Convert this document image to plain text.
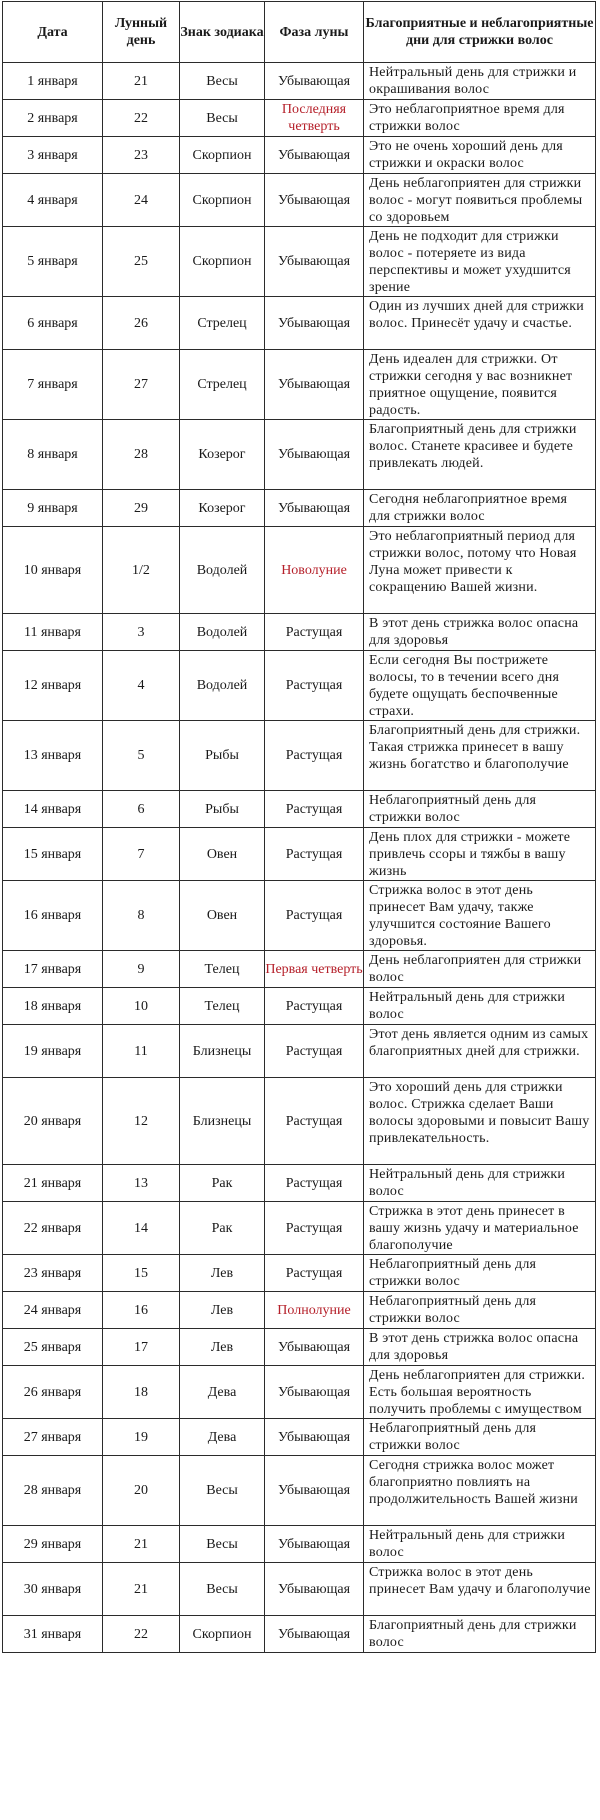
Дата	Лунный день	Знак зодиака	Фаза луны	Благоприятные и неблагоприятные дни для стрижки волос
1 января	21	Весы	Убывающая	Нейтральный день для стрижки и окрашивания волос
2 января	22	Весы	Последняя четверть	Это неблагоприятное время для стрижки волос
3 января	23	Скорпион	Убывающая	Это не очень хороший день для стрижки и окраски волос
4 января	24	Скорпион	Убывающая	День неблагоприятен для стрижки волос - могут появиться проблемы со здоровьем
5 января	25	Скорпион	Убывающая	День не подходит для стрижки волос - потеряете из вида перспективы и может ухудшится зрение
6 января	26	Стрелец	Убывающая	Один из лучших дней для стрижки волос. Принесёт удачу и счастье.
7 января	27	Стрелец	Убывающая	День идеален для стрижки. От стрижки сегодня у вас возникнет приятное ощущение, появится радость.
8 января	28	Козерог	Убывающая	Благоприятный день для стрижки волос. Станете красивее и будете привлекать людей.
9 января	29	Козерог	Убывающая	Сегодня неблагоприятное время для стрижки волос
10 января	1/2	Водолей	Новолуние	Это неблагоприятный период для стрижки волос, потому что Новая Луна может привести к сокращению Вашей жизни.
11 января	3	Водолей	Растущая	В этот день стрижка волос опасна для здоровья
12 января	4	Водолей	Растущая	Если сегодня Вы пострижете волосы, то в течении всего дня будете ощущать беспочвенные страхи.
13 января	5	Рыбы	Растущая	Благоприятный день для стрижки. Такая стрижка принесет в вашу жизнь богатство и благополучие
14 января	6	Рыбы	Растущая	Неблагоприятный день для стрижки волос
15 января	7	Овен	Растущая	День плох для стрижки - можете привлечь ссоры и тяжбы в вашу жизнь
16 января	8	Овен	Растущая	Стрижка волос в этот день принесет Вам удачу, также улучшится состояние Вашего здоровья.
17 января	9	Телец	Первая четверть	День неблагоприятен для стрижки волос
18 января	10	Телец	Растущая	Нейтральный день для стрижки волос
19 января	11	Близнецы	Растущая	Этот день является одним из самых благоприятных дней для стрижки.
20 января	12	Близнецы	Растущая	Это хороший день для стрижки волос. Стрижка сделает Ваши волосы здоровыми и повысит Вашу привлекательность.
21 января	13	Рак	Растущая	Нейтральный день для стрижки волос
22 января	14	Рак	Растущая	Стрижка в этот день принесет в вашу жизнь удачу и материальное благополучие
23 января	15	Лев	Растущая	Неблагоприятный день для стрижки волос
24 января	16	Лев	Полнолуние	Неблагоприятный день для стрижки волос
25 января	17	Лев	Убывающая	В этот день стрижка волос опасна для здоровья
26 января	18	Дева	Убывающая	День неблагоприятен для стрижки. Есть большая вероятность получить проблемы с имуществом
27 января	19	Дева	Убывающая	Неблагоприятный день для стрижки волос
28 января	20	Весы	Убывающая	Сегодня стрижка волос может благоприятно повлиять на продолжительность Вашей жизни
29 января	21	Весы	Убывающая	Нейтральный день для стрижки волос
30 января	21	Весы	Убывающая	Стрижка волос в этот день принесет Вам удачу и благополучие
31 января	22	Скорпион	Убывающая	Благоприятный день для стрижки волос
